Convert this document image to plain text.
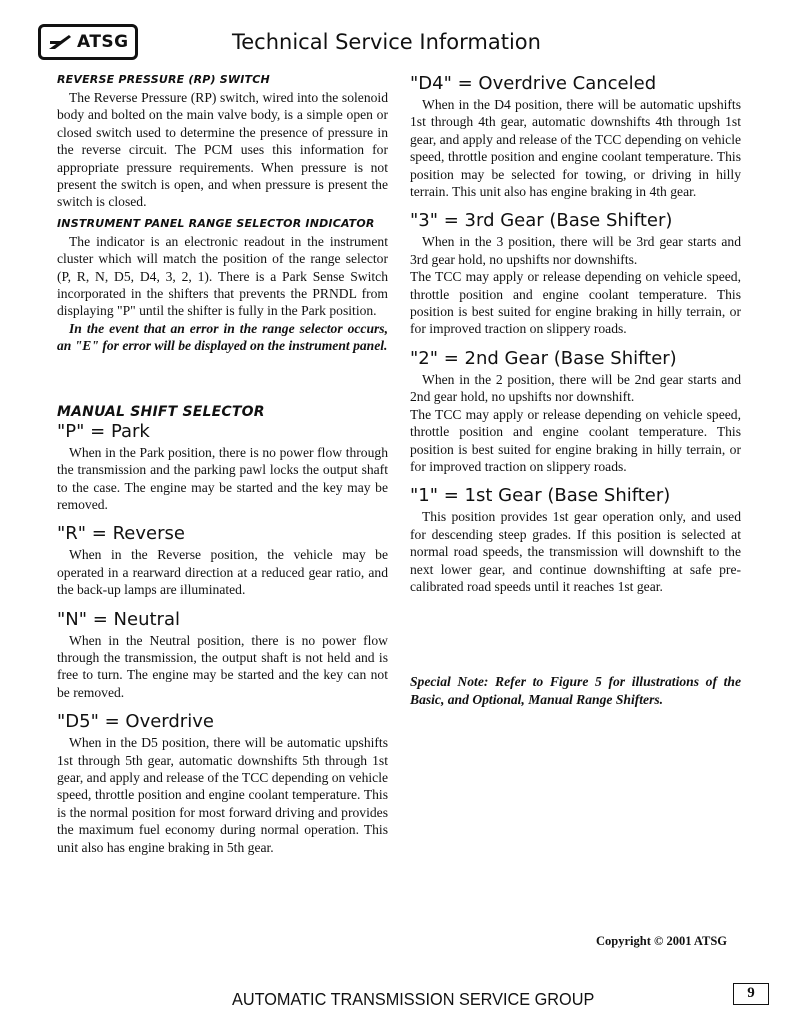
ATSG	Technical Service Information
REVERSE PRESSURE (RP) SWITCH

The Reverse Pressure (RP) switch, wired into the solenoid body and bolted on the main valve body, is a simple open or closed switch used to determine the presence of pressure in the reverse circuit. The PCM uses this information for appropriate pressure requirements. When pressure is not present the switch is open, and when pressure is present the switch is closed.

INSTRUMENT PANEL RANGE SELECTOR INDICATOR

The indicator is an electronic readout in the instrument cluster which will match the position of the range selector (P, R, N, D5, D4, 3, 2, 1). There is a Park Sense Switch incorporated in the shifters that prevents the PRNDL from displaying "P" until the shifter is fully in the Park position.

In the event that an error in the range selector occurs, an "E" for error will be displayed on the instrument panel.

MANUAL SHIFT SELECTOR
"P" = Park

When in the Park position, there is no power flow through the transmission and the parking pawl locks the output shaft to the case. The engine may be started and the key may be removed.

"R" = Reverse

When in the Reverse position, the vehicle may be operated in a rearward direction at a reduced gear ratio, and the back-up lamps are illuminated.

"N" = Neutral

When in the Neutral position, there is no power flow through the transmission, the output shaft is not held and is free to turn. The engine may be started and the key can not be removed.

"D5" = Overdrive

When in the D5 position, there will be automatic upshifts 1st through 5th gear, automatic downshifts 5th through 1st gear, and apply and release of the TCC depending on vehicle speed, throttle position and engine coolant temperature. This is the normal position for most forward driving and provides the maximum fuel economy during normal operation. This unit also has engine braking in 5th gear.

"D4" = Overdrive Canceled

When in the D4 position, there will be automatic upshifts 1st through 4th gear, automatic downshifts 4th through 1st gear, and apply and release of the TCC depending on vehicle speed, throttle position and engine coolant temperature. This position may be selected for towing, or driving in hilly terrain. This unit also has engine braking in 4th gear.

"3" = 3rd Gear (Base Shifter)

When in the 3 position, there will be 3rd gear starts and 3rd gear hold, no upshifts nor downshifts.

The TCC may apply or release depending on vehicle speed, throttle position and engine coolant temperature. This position is best suited for engine braking in hilly terrain, or for improved traction on slippery roads.

"2" = 2nd Gear (Base Shifter)

When in the 2 position, there will be 2nd gear starts and 2nd gear hold, no upshifts nor downshift.

The TCC may apply or release depending on vehicle speed, throttle position and engine coolant temperature. This position is best suited for engine braking in hilly terrain, or for improved traction on slippery roads.

"1" = 1st Gear (Base Shifter)

This position provides 1st gear operation only, and used for descending steep grades. If this position is selected at normal road speeds, the transmission will downshift to the next lower gear, and continue downshifting at safe pre-calibrated road speeds until it reaches 1st gear.

Special Note: Refer to Figure 5 for illustrations of the Basic, and Optional, Manual Range Shifters.

Copyright © 2001 ATSG
AUTOMATIC TRANSMISSION SERVICE GROUP	9
